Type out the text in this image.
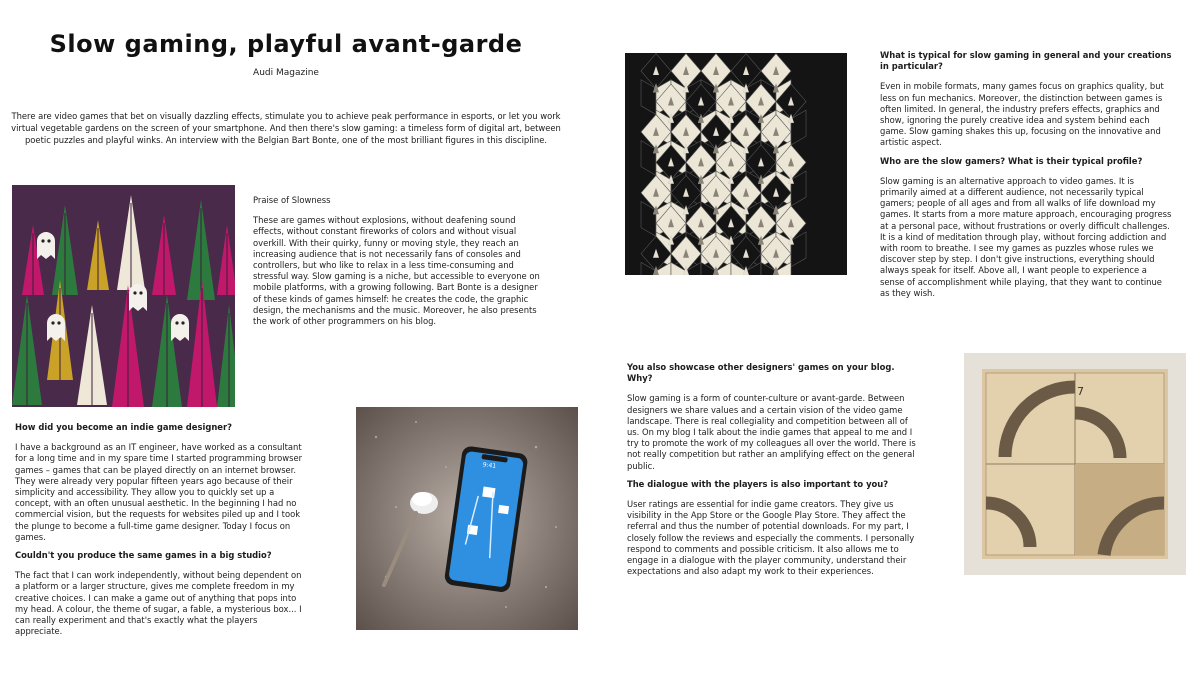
Slow gaming, playful avant-garde
Audi Magazine
There are video games that bet on visually dazzling effects, stimulate you to achieve peak performance in esports, or let you work virtual vegetable gardens on the screen of your smartphone. And then there's slow gaming: a timeless form of digital art, between poetic puzzles and playful winks. An interview with the Belgian Bart Bonte, one of the most brilliant figures in this discipline.

Praise of Slowness

These are games without explosions, without deafening sound effects, without constant fireworks of colors and without visual overkill. With their quirky, funny or moving style, they reach an increasing audience that is not necessarily fans of consoles and controllers, but who like to relax in a less time-consuming and stressful way. Slow gaming is a niche, but accessible to everyone on mobile platforms, with a growing following. Bart Bonte is a designer of these kinds of games himself: he creates the code, the graphic design, the mechanisms and the music. Moreover, he also presents the work of other programmers on his blog.

How did you become an indie game designer?

I have a background as an IT engineer, have worked as a consultant for a long time and in my spare time I started programming browser games – games that can be played directly on an internet browser. They were already very popular fifteen years ago because of their simplicity and accessibility. They allow you to quickly set up a concept, with an often unusual aesthetic. In the beginning I had no commercial vision, but the requests for websites piled up and I took the plunge to become a full-time game designer. Today I focus on games.

Couldn't you produce the same games in a big studio?

The fact that I can work independently, without being dependent on a platform or a larger structure, gives me complete freedom in my creative choices. I can make a game out of anything that pops into my head. A colour, the theme of sugar, a fable, a mysterious box... I can really experiment and that's exactly what the players appreciate.

9:41

What is typical for slow gaming in general and your creations in particular?

Even in mobile formats, many games focus on graphics quality, but less on fun mechanics. Moreover, the distinction between games is often limited. In general, the industry prefers effects, graphics and show, ignoring the purely creative idea and system behind each game. Slow gaming shakes this up, focusing on the innovative and artistic aspect.

Who are the slow gamers? What is their typical profile?

Slow gaming is an alternative approach to video games. It is primarily aimed at a different audience, not necessarily typical gamers; people of all ages and from all walks of life download my games. It starts from a more mature approach, encouraging progress at a personal pace, without frustrations or overly difficult challenges. It is a kind of meditation through play, without forcing addiction and with room to breathe. I see my games as puzzles whose rules we discover step by step. I don't give instructions, everything should always speak for itself. Above all, I want people to experience a sense of accomplishment while playing, that they want to continue as they wish.

You also showcase other designers' games on your blog. Why?

Slow gaming is a form of counter-culture or avant-garde. Between designers we share values and a certain vision of the video game landscape. There is real collegiality and competition between all of us. On my blog I talk about the indie games that appeal to me and I try to promote the work of my colleagues all over the world. There is not really competition but rather an amplifying effect on the general public.

The dialogue with the players is also important to you?

User ratings are essential for indie game creators. They give us visibility in the App Store or the Google Play Store. They affect the referral and thus the number of potential downloads. For my part, I closely follow the reviews and especially the comments. I personally respond to comments and possible criticism. It also allows me to engage in a dialogue with the player community, understand their expectations and also adapt my work to their experiences.

7
